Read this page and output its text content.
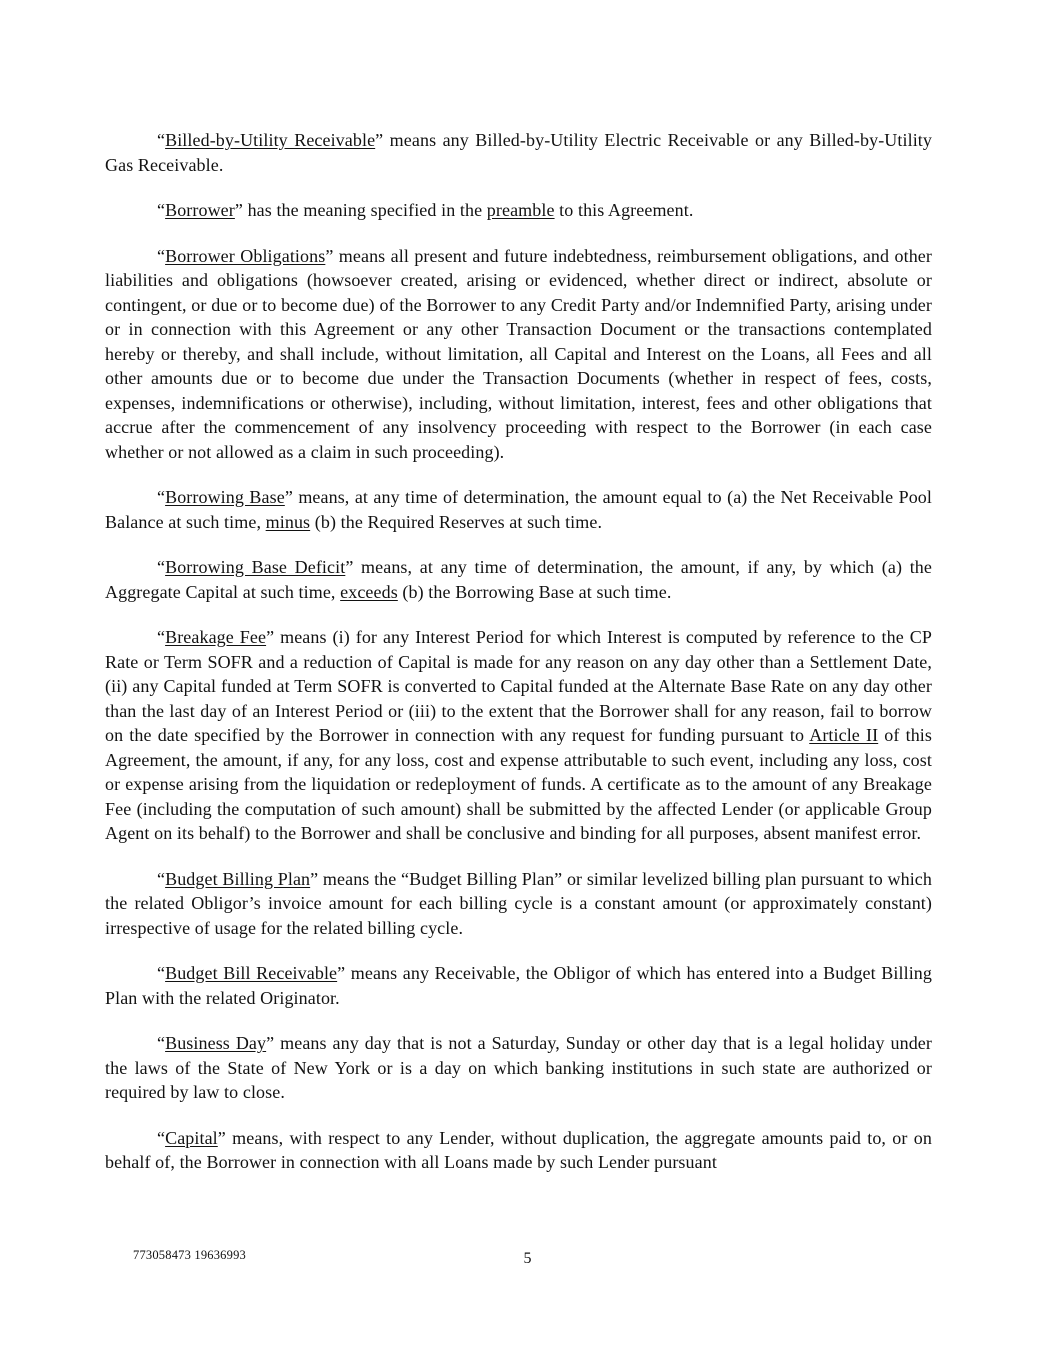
“Billed-by-Utility Receivable” means any Billed-by-Utility Electric Receivable or any Billed-by-Utility Gas Receivable.

“Borrower” has the meaning specified in the preamble to this Agreement.

“Borrower Obligations” means all present and future indebtedness, reimbursement obligations, and other liabilities and obligations (howsoever created, arising or evidenced, whether direct or indirect, absolute or contingent, or due or to become due) of the Borrower to any Credit Party and/or Indemnified Party, arising under or in connection with this Agreement or any other Transaction Document or the transactions contemplated hereby or thereby, and shall include, without limitation, all Capital and Interest on the Loans, all Fees and all other amounts due or to become due under the Transaction Documents (whether in respect of fees, costs, expenses, indemnifications or otherwise), including, without limitation, interest, fees and other obligations that accrue after the commencement of any insolvency proceeding with respect to the Borrower (in each case whether or not allowed as a claim in such proceeding).

“Borrowing Base” means, at any time of determination, the amount equal to (a) the Net Receivable Pool Balance at such time, minus (b) the Required Reserves at such time.

“Borrowing Base Deficit” means, at any time of determination, the amount, if any, by which (a) the Aggregate Capital at such time, exceeds (b) the Borrowing Base at such time.

“Breakage Fee” means (i) for any Interest Period for which Interest is computed by reference to the CP Rate or Term SOFR and a reduction of Capital is made for any reason on any day other than a Settlement Date, (ii) any Capital funded at Term SOFR is converted to Capital funded at the Alternate Base Rate on any day other than the last day of an Interest Period or (iii) to the extent that the Borrower shall for any reason, fail to borrow on the date specified by the Borrower in connection with any request for funding pursuant to Article II of this Agreement, the amount, if any, for any loss, cost and expense attributable to such event, including any loss, cost or expense arising from the liquidation or redeployment of funds. A certificate as to the amount of any Breakage Fee (including the computation of such amount) shall be submitted by the affected Lender (or applicable Group Agent on its behalf) to the Borrower and shall be conclusive and binding for all purposes, absent manifest error.

“Budget Billing Plan” means the “Budget Billing Plan” or similar levelized billing plan pursuant to which the related Obligor’s invoice amount for each billing cycle is a constant amount (or approximately constant) irrespective of usage for the related billing cycle.

“Budget Bill Receivable” means any Receivable, the Obligor of which has entered into a Budget Billing Plan with the related Originator.

“Business Day” means any day that is not a Saturday, Sunday or other day that is a legal holiday under the laws of the State of New York or is a day on which banking institutions in such state are authorized or required by law to close.

“Capital” means, with respect to any Lender, without duplication, the aggregate amounts paid to, or on behalf of, the Borrower in connection with all Loans made by such Lender pursuant

773058473 19636993	5
